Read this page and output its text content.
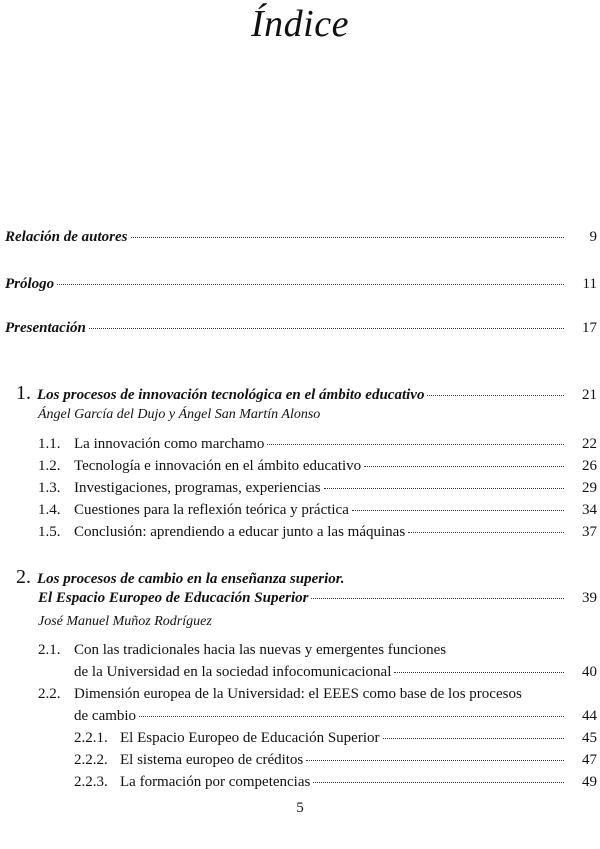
Índice
Relación de autores	9
Prólogo	11
Presentación	17
1. Los procesos de innovación tecnológica en el ámbito educativo	21
Ángel García del Dujo y Ángel San Martín Alonso
1.1. La innovación como marchamo	22
1.2. Tecnología e innovación en el ámbito educativo	26
1.3. Investigaciones, programas, experiencias	29
1.4. Cuestiones para la reflexión teórica y práctica	34
1.5. Conclusión: aprendiendo a educar junto a las máquinas	37
2. Los procesos de cambio en la enseñanza superior.
El Espacio Europeo de Educación Superior	39
José Manuel Muñoz Rodríguez
2.1. Con las tradicionales hacia las nuevas y emergentes funciones
de la Universidad en la sociedad infocomunicacional	40
2.2. Dimensión europea de la Universidad: el EEES como base de los procesos
de cambio	44
2.2.1. El Espacio Europeo de Educación Superior	45
2.2.2. El sistema europeo de créditos	47
2.2.3. La formación por competencias	49
5
